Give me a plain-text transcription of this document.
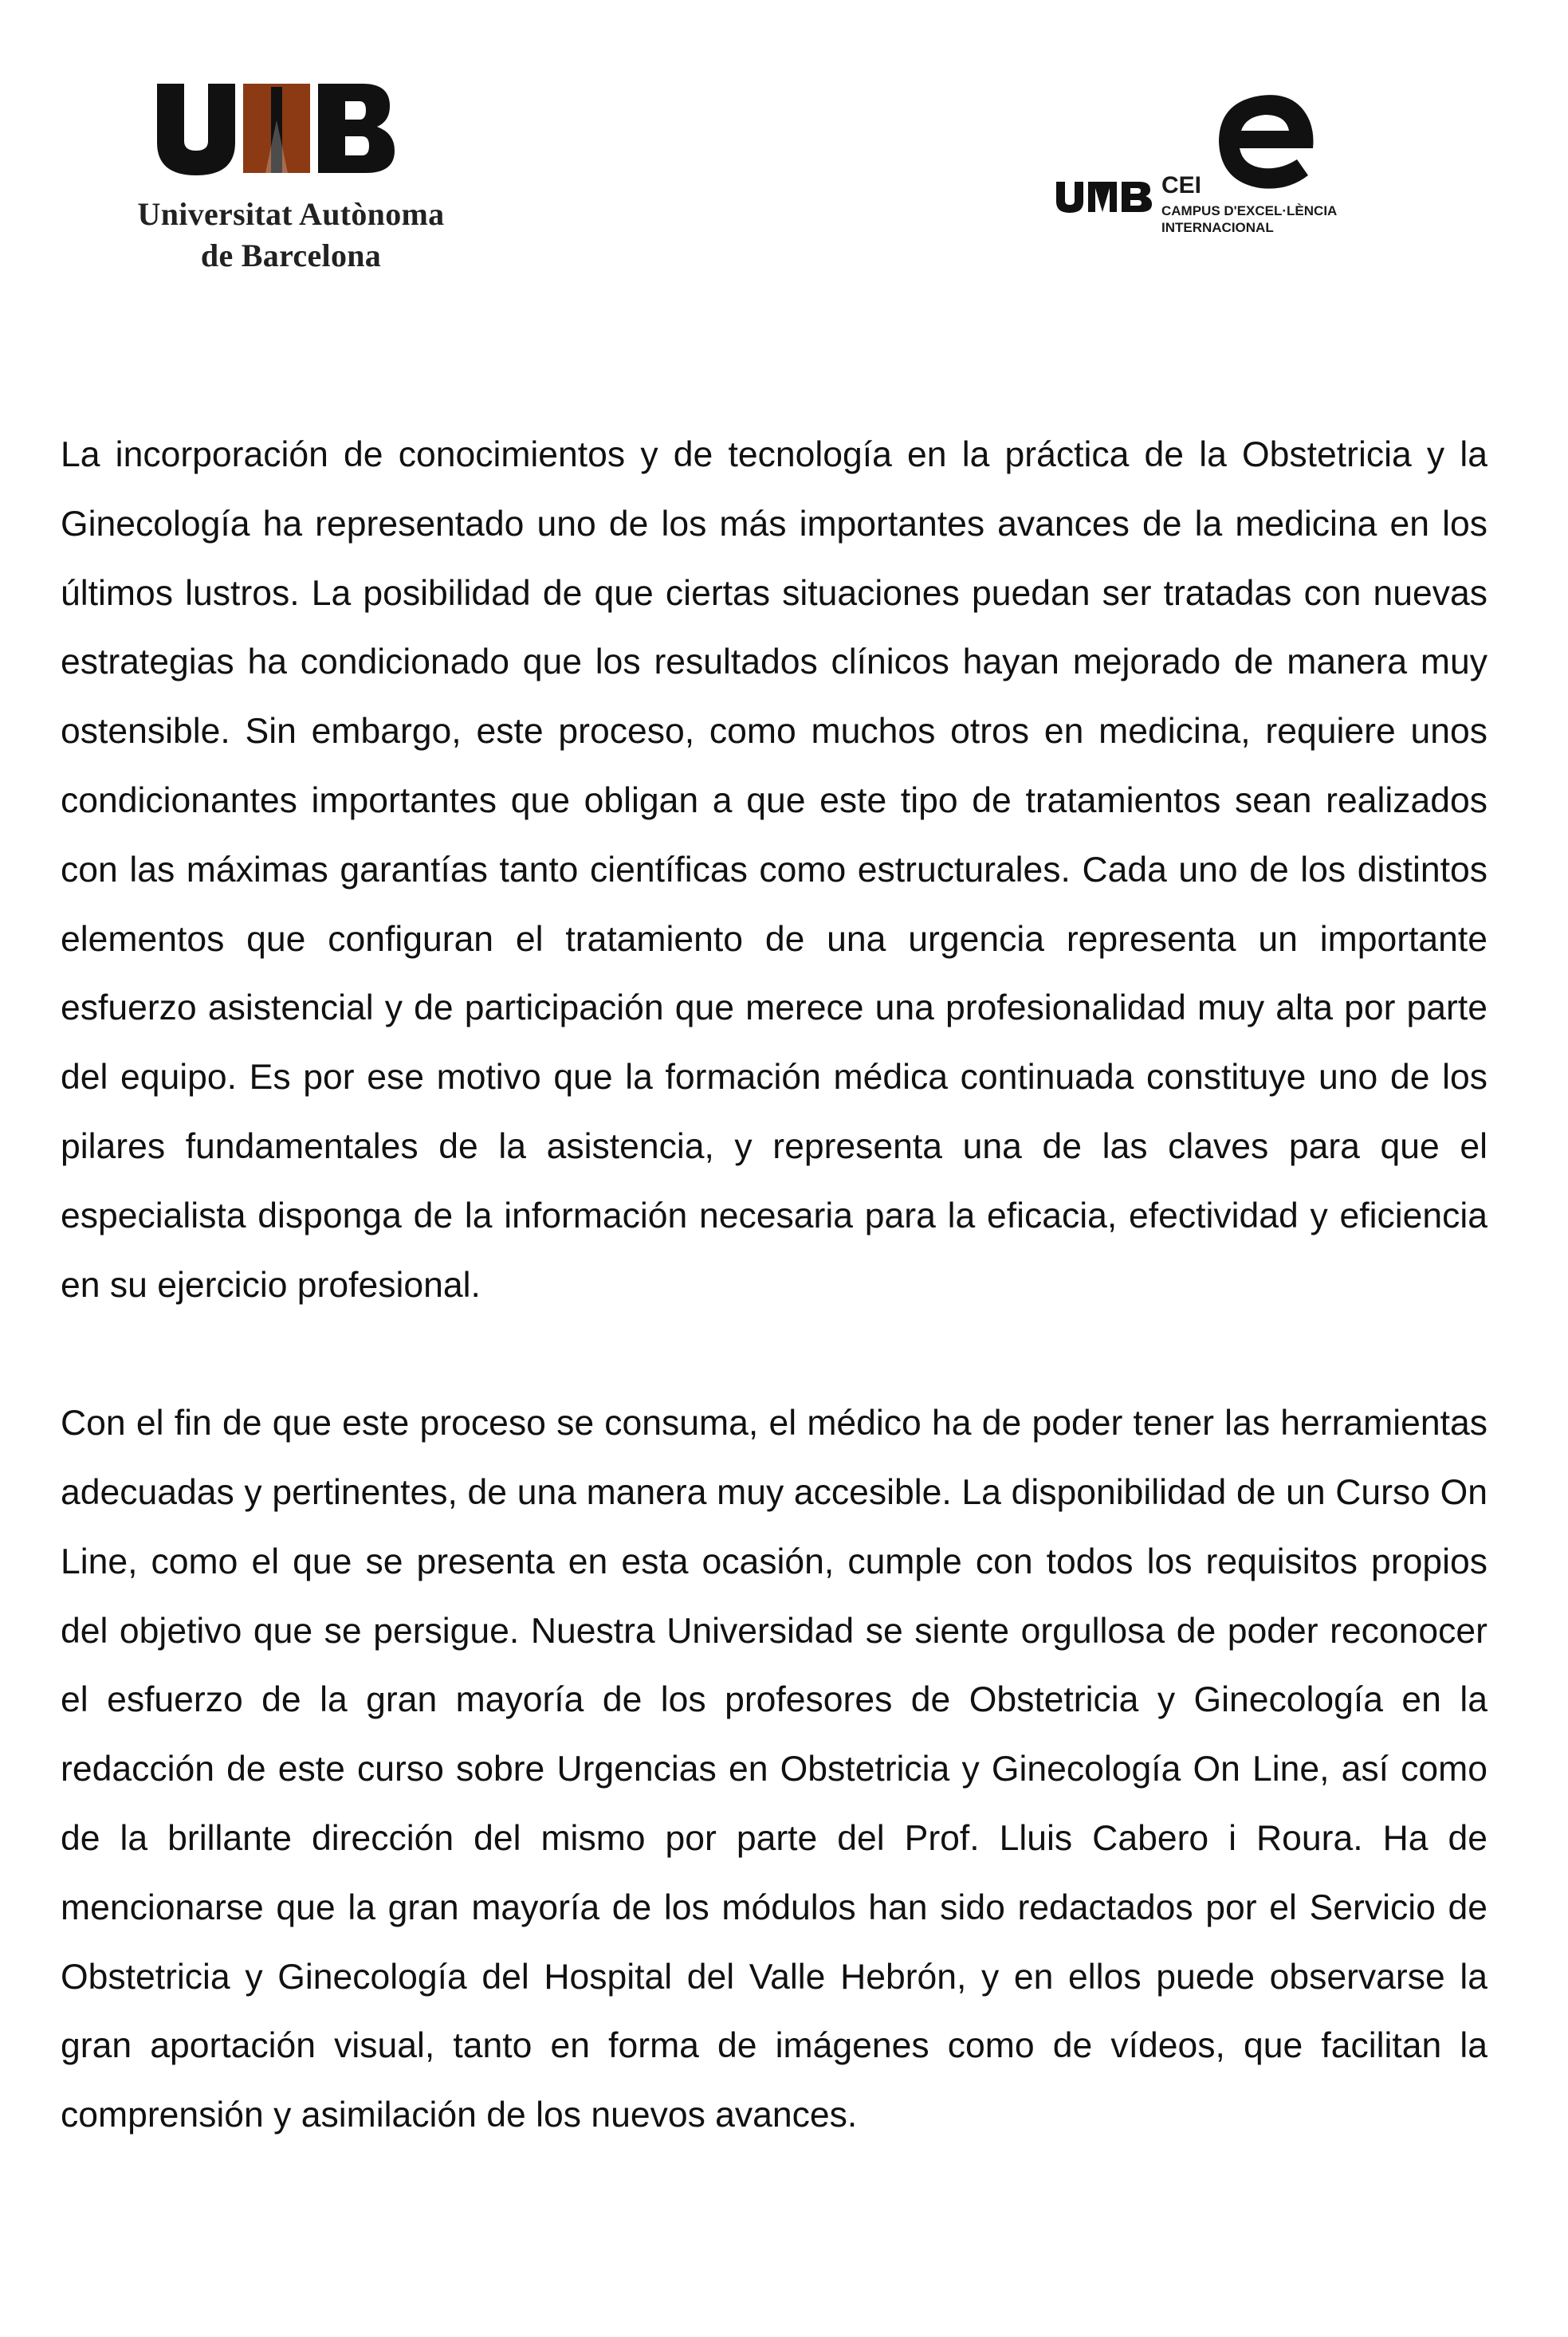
Universitat Autònoma
de Barcelona
CEI
CAMPUS D'EXCEL·LÈNCIA
INTERNACIONAL

La incorporación de conocimientos y de tecnología en la práctica de la Obstetricia y la Ginecología ha representado uno de los más importantes avances de la medicina en los últimos lustros. La posibilidad de que ciertas situaciones puedan ser tratadas con nuevas estrategias ha condicionado que los resultados clínicos hayan mejorado de manera muy ostensible. Sin embargo, este proceso, como muchos otros en medicina, requiere unos condicionantes importantes que obligan a que este tipo de tratamientos sean realizados con las máximas garantías tanto científicas como estructurales. Cada uno de los distintos elementos que configuran el tratamiento de una urgencia representa un importante esfuerzo asistencial y de participación que merece una profesionalidad muy alta por parte del equipo. Es por ese motivo que la formación médica continuada constituye uno de los pilares fundamentales de la asistencia, y representa una de las claves para que el especialista disponga de la información necesaria para la eficacia, efectividad y eficiencia en su ejercicio profesional.

Con el fin de que este proceso se consuma, el médico ha de poder tener las herramientas adecuadas y pertinentes, de una manera muy accesible. La disponibilidad de un Curso On Line, como el que se presenta en esta ocasión, cumple con todos los requisitos propios del objetivo que se persigue. Nuestra Universidad se siente orgullosa de poder reconocer el esfuerzo de la gran mayoría de los profesores de Obstetricia y Ginecología en la redacción de este curso sobre Urgencias en Obstetricia y Ginecología On Line, así como de la brillante dirección del mismo por parte del Prof. Lluis Cabero i Roura. Ha de mencionarse que la gran mayoría de los módulos han sido redactados por el Servicio de Obstetricia y Ginecología del Hospital del Valle Hebrón, y en ellos puede observarse la gran aportación visual, tanto en forma de imágenes como de vídeos, que facilitan la comprensión y asimilación de los nuevos avances.
